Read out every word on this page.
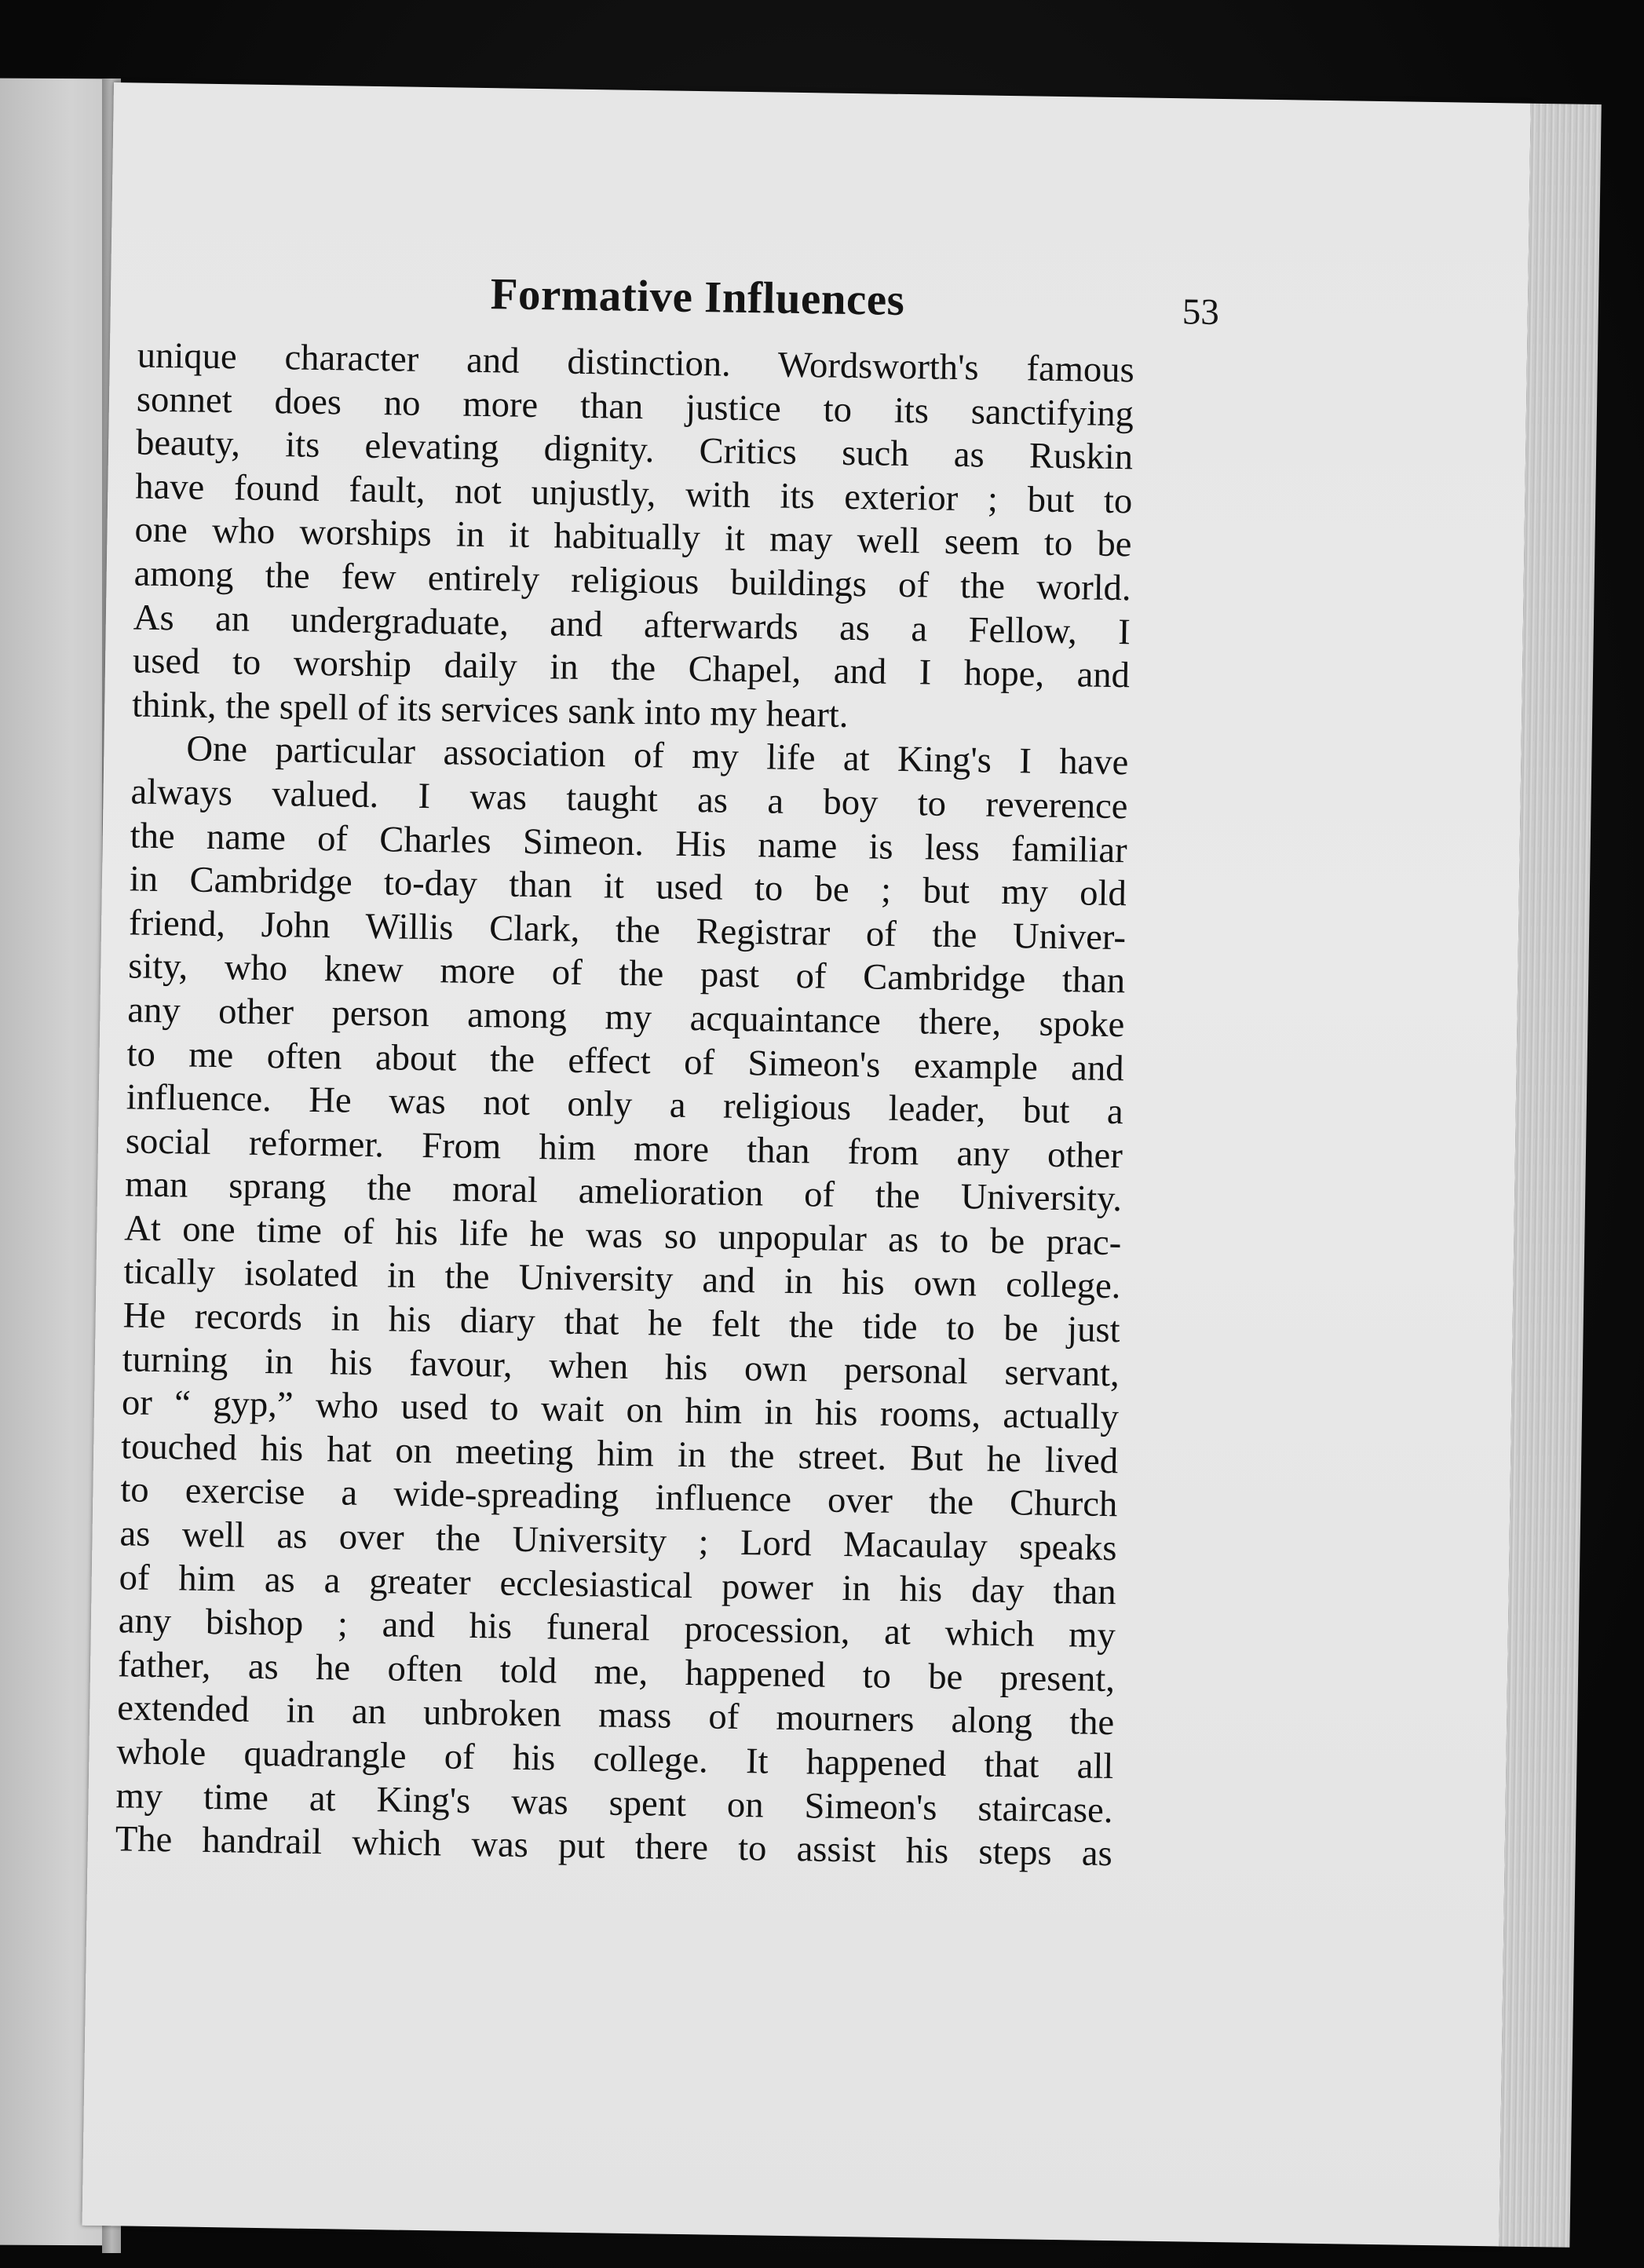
Formative Influences	53
unique character and distinction. Wordsworth's famous
sonnet does no more than justice to its sanctifying
beauty, its elevating dignity. Critics such as Ruskin
have found fault, not unjustly, with its exterior ; but to
one who worships in it habitually it may well seem to be
among the few entirely religious buildings of the world.
As an undergraduate, and afterwards as a Fellow, I
used to worship daily in the Chapel, and I hope, and
think, the spell of its services sank into my heart.
One particular association of my life at King's I have
always valued. I was taught as a boy to reverence
the name of Charles Simeon. His name is less familiar
in Cambridge to-day than it used to be ; but my old
friend, John Willis Clark, the Registrar of the Univer-
sity, who knew more of the past of Cambridge than
any other person among my acquaintance there, spoke
to me often about the effect of Simeon's example and
influence. He was not only a religious leader, but a
social reformer. From him more than from any other
man sprang the moral amelioration of the University.
At one time of his life he was so unpopular as to be prac-
tically isolated in the University and in his own college.
He records in his diary that he felt the tide to be just
turning in his favour, when his own personal servant,
or “ gyp,” who used to wait on him in his rooms, actually
touched his hat on meeting him in the street. But he lived
to exercise a wide-spreading influence over the Church
as well as over the University ; Lord Macaulay speaks
of him as a greater ecclesiastical power in his day than
any bishop ; and his funeral procession, at which my
father, as he often told me, happened to be present,
extended in an unbroken mass of mourners along the
whole quadrangle of his college. It happened that all
my time at King's was spent on Simeon's staircase.
The handrail which was put there to assist his steps as
